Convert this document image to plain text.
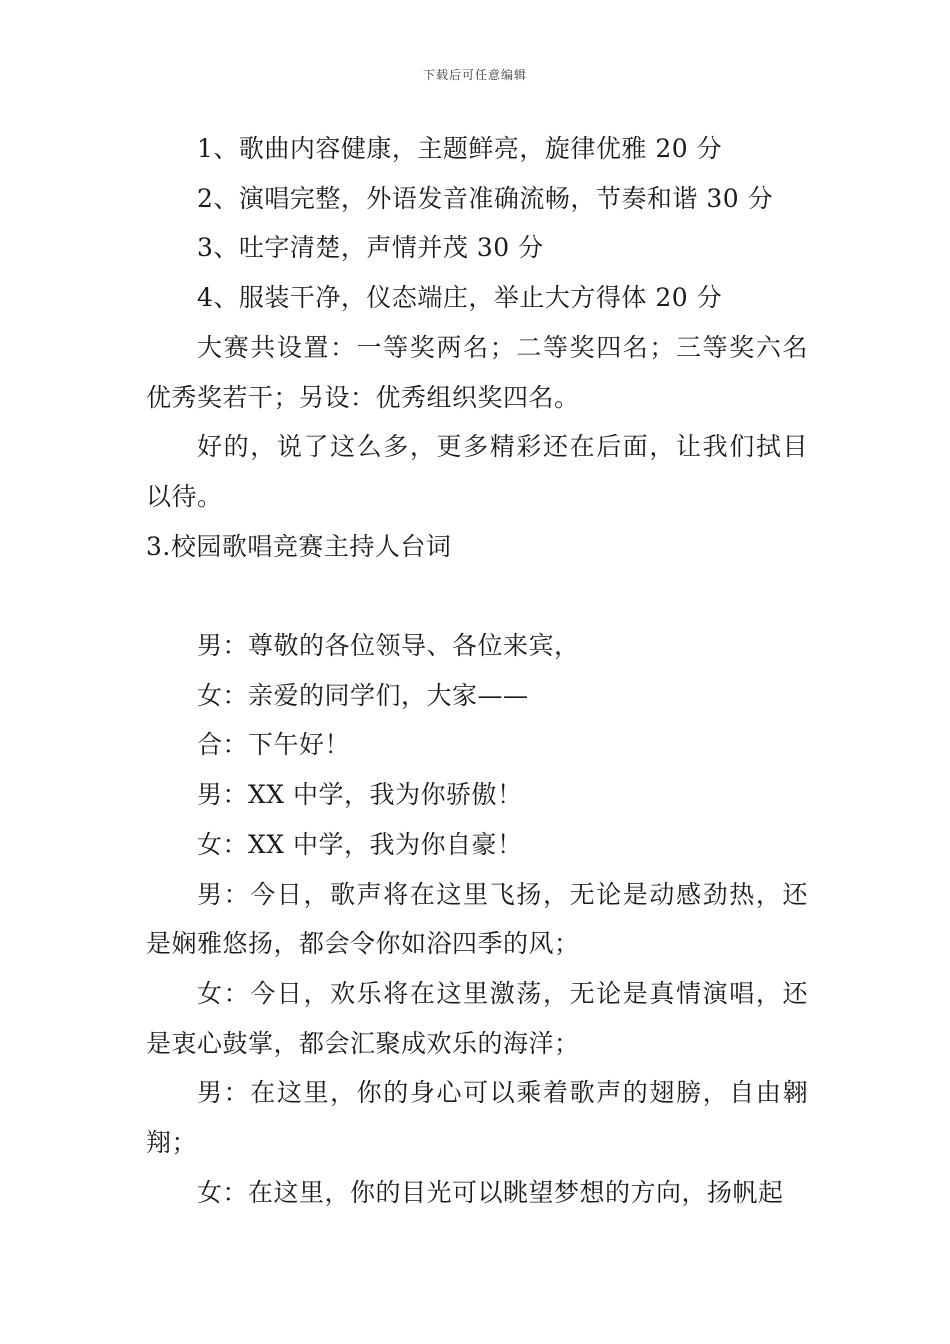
下载后可任意编辑

1、歌曲内容健康，主题鲜亮，旋律优雅 20 分

2、演唱完整，外语发音准确流畅，节奏和谐 30 分

3、吐字清楚，声情并茂 30 分

4、服装干净，仪态端庄，举止大方得体 20 分

大赛共设置：一等奖两名；二等奖四名；三等奖六名优秀奖若干；另设：优秀组织奖四名。

好的，说了这么多，更多精彩还在后面，让我们拭目以待。

3.校园歌唱竞赛主持人台词

男：尊敬的各位领导、各位来宾，

女：亲爱的同学们，大家——

合：下午好！

男：XX 中学，我为你骄傲！

女：XX 中学，我为你自豪！

男：今日，歌声将在这里飞扬，无论是动感劲热，还是娴雅悠扬，都会令你如浴四季的风；

女：今日，欢乐将在这里激荡，无论是真情演唱，还是衷心鼓掌，都会汇聚成欢乐的海洋；

男：在这里，你的身心可以乘着歌声的翅膀，自由翱翔；

女：在这里，你的目光可以眺望梦想的方向，扬帆起
